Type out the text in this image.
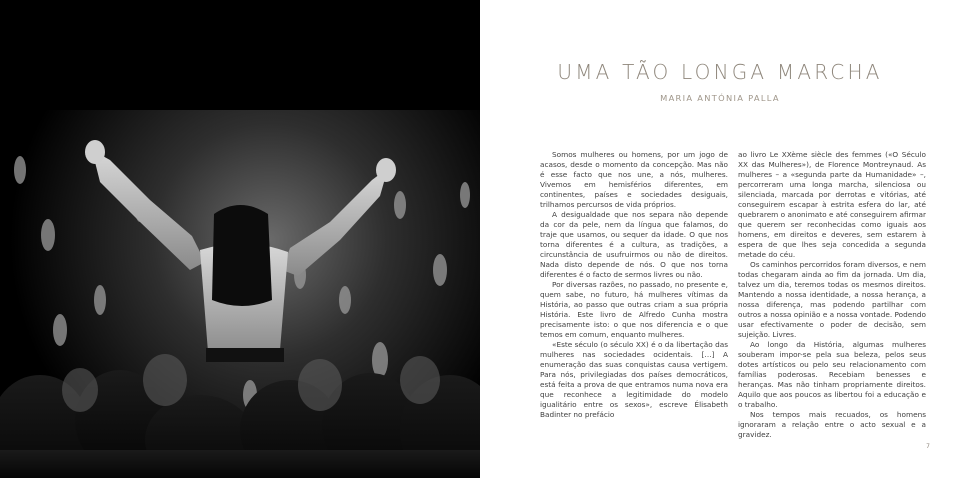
UMA TÃO LONGA MARCHA
MARIA ANTÓNIA PALLA

Somos mulheres ou homens, por um jogo de acasos, desde o momento da concepção. Mas não é esse facto que nos une, a nós, mulheres. Vivemos em hemisférios diferentes, em continentes, países e sociedades desiguais, trilhamos percursos de vida próprios.

A desigualdade que nos separa não depende da cor da pele, nem da língua que falamos, do traje que usamos, ou sequer da idade. O que nos torna diferentes é a cultura, as tradições, a circunstância de usufruirmos ou não de direitos. Nada disto depende de nós. O que nos torna diferentes é o facto de sermos livres ou não.

Por diversas razões, no passado, no presente e, quem sabe, no futuro, há mulheres vítimas da História, ao passo que outras criam a sua própria História. Este livro de Alfredo Cunha mostra precisamente isto: o que nos diferencia e o que temos em comum, enquanto mulheres.

«Este século (o século XX) é o da libertação das mulheres nas sociedades ocidentais. […] A enumeração das suas conquistas causa vertigem. Para nós, privilegiadas dos países democráticos, está feita a prova de que entramos numa nova era que reconhece a legitimidade do modelo igualitário entre os sexos», escreve Élisabeth Badinter no prefácio

ao livro Le XXème siècle des femmes («O Século XX das Mulheres»), de Florence Montreynaud. As mulheres – a «segunda parte da Humanidade» –, percorreram uma longa marcha, silenciosa ou silenciada, marcada por derrotas e vitórias, até conseguirem escapar à estrita esfera do lar, até quebrarem o anonimato e até conseguirem afirmar que querem ser reconhecidas como iguais aos homens, em direitos e deveres, sem estarem à espera de que lhes seja concedida a segunda metade do céu.

Os caminhos percorridos foram diversos, e nem todas chegaram ainda ao fim da jornada. Um dia, talvez um dia, teremos todas os mesmos direitos. Mantendo a nossa identidade, a nossa herança, a nossa diferença, mas podendo partilhar com outros a nossa opinião e a nossa vontade. Podendo usar efectivamente o poder de decisão, sem sujeição. Livres.

Ao longo da História, algumas mulheres souberam impor-se pela sua beleza, pelos seus dotes artísticos ou pelo seu relacionamento com famílias poderosas. Recebiam benesses e heranças. Mas não tinham propriamente direitos. Aquilo que aos poucos as libertou foi a educação e o trabalho.

Nos tempos mais recuados, os homens ignoraram a relação entre o acto sexual e a gravidez.

7
